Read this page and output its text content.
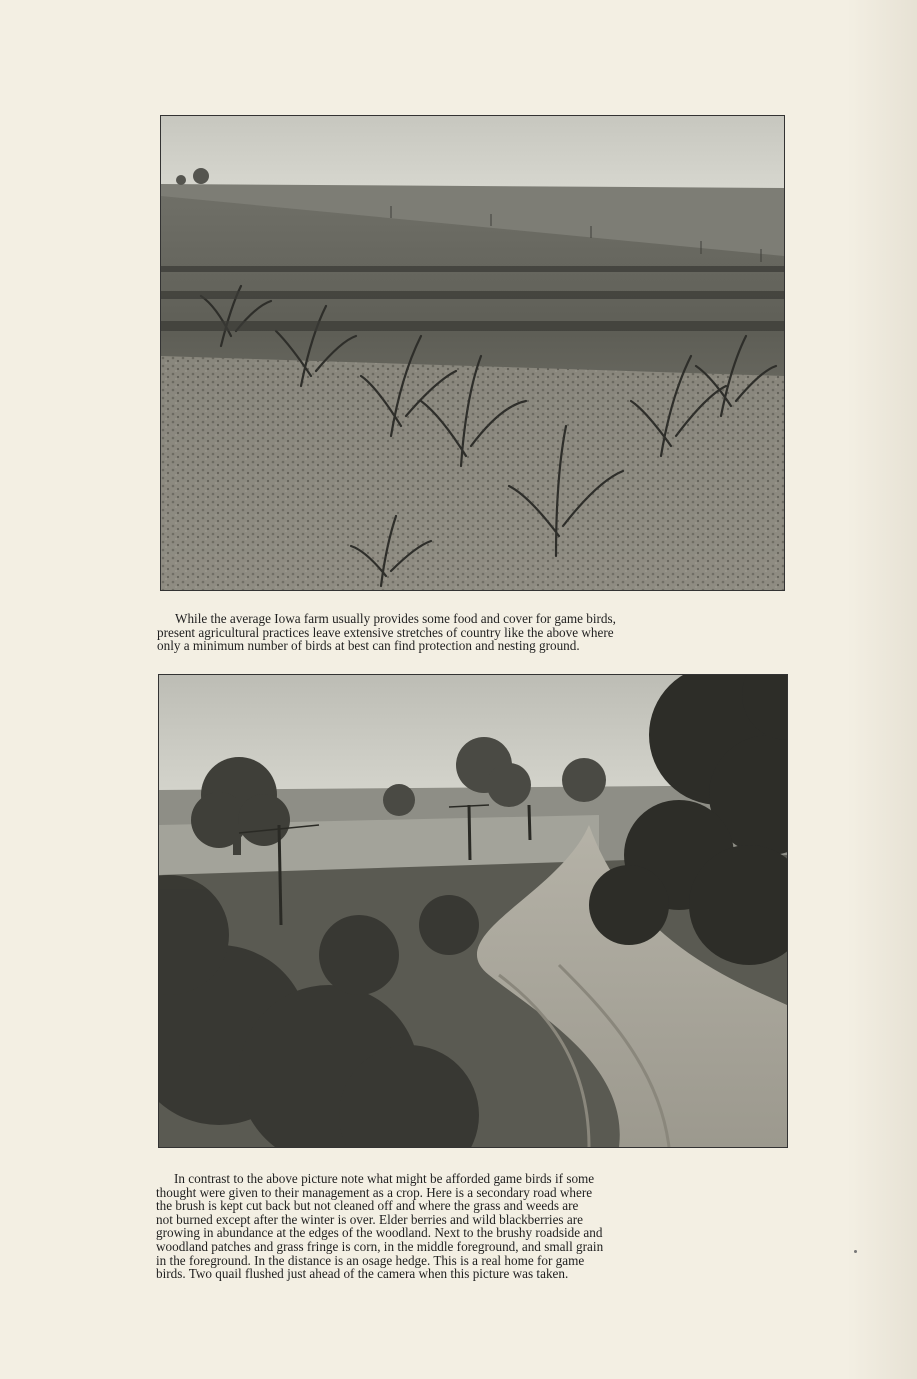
While the average Iowa farm usually provides some food and cover for game birds,
present agricultural practices leave extensive stretches of country like the above where
only a minimum number of birds at best can find protection and nesting ground.

In contrast to the above picture note what might be afforded game birds if some
thought were given to their management as a crop. Here is a secondary road where
the brush is kept cut back but not cleaned off and where the grass and weeds are
not burned except after the winter is over. Elder berries and wild blackberries are
growing in abundance at the edges of the woodland. Next to the brushy roadside and
woodland patches and grass fringe is corn, in the middle foreground, and small grain
in the foreground. In the distance is an osage hedge. This is a real home for game
birds. Two quail flushed just ahead of the camera when this picture was taken.
